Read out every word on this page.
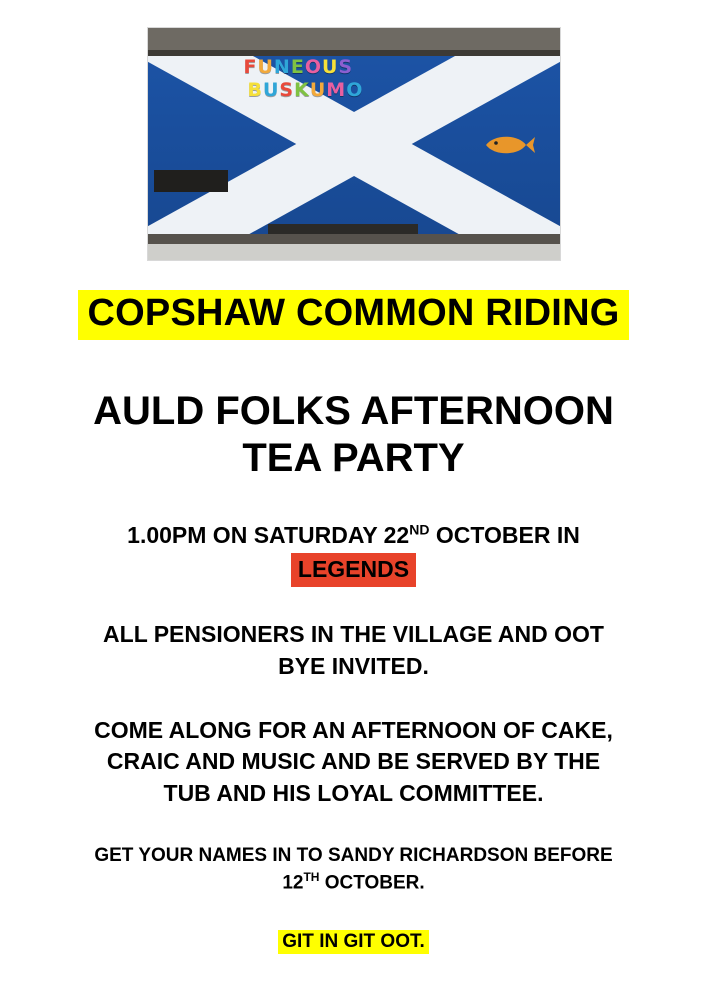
FUNEOUS
BUSKUMO
COPSHAW COMMON RIDING
AULD FOLKS AFTERNOON
TEA PARTY
1.00PM ON SATURDAY 22ND OCTOBER IN
LEGENDS
ALL PENSIONERS IN THE VILLAGE AND OOT
BYE INVITED.
COME ALONG FOR AN AFTERNOON OF CAKE,
CRAIC AND MUSIC AND BE SERVED BY THE
TUB AND HIS LOYAL COMMITTEE.
GET YOUR NAMES IN TO SANDY RICHARDSON BEFORE
12TH OCTOBER.
GIT IN GIT OOT.
